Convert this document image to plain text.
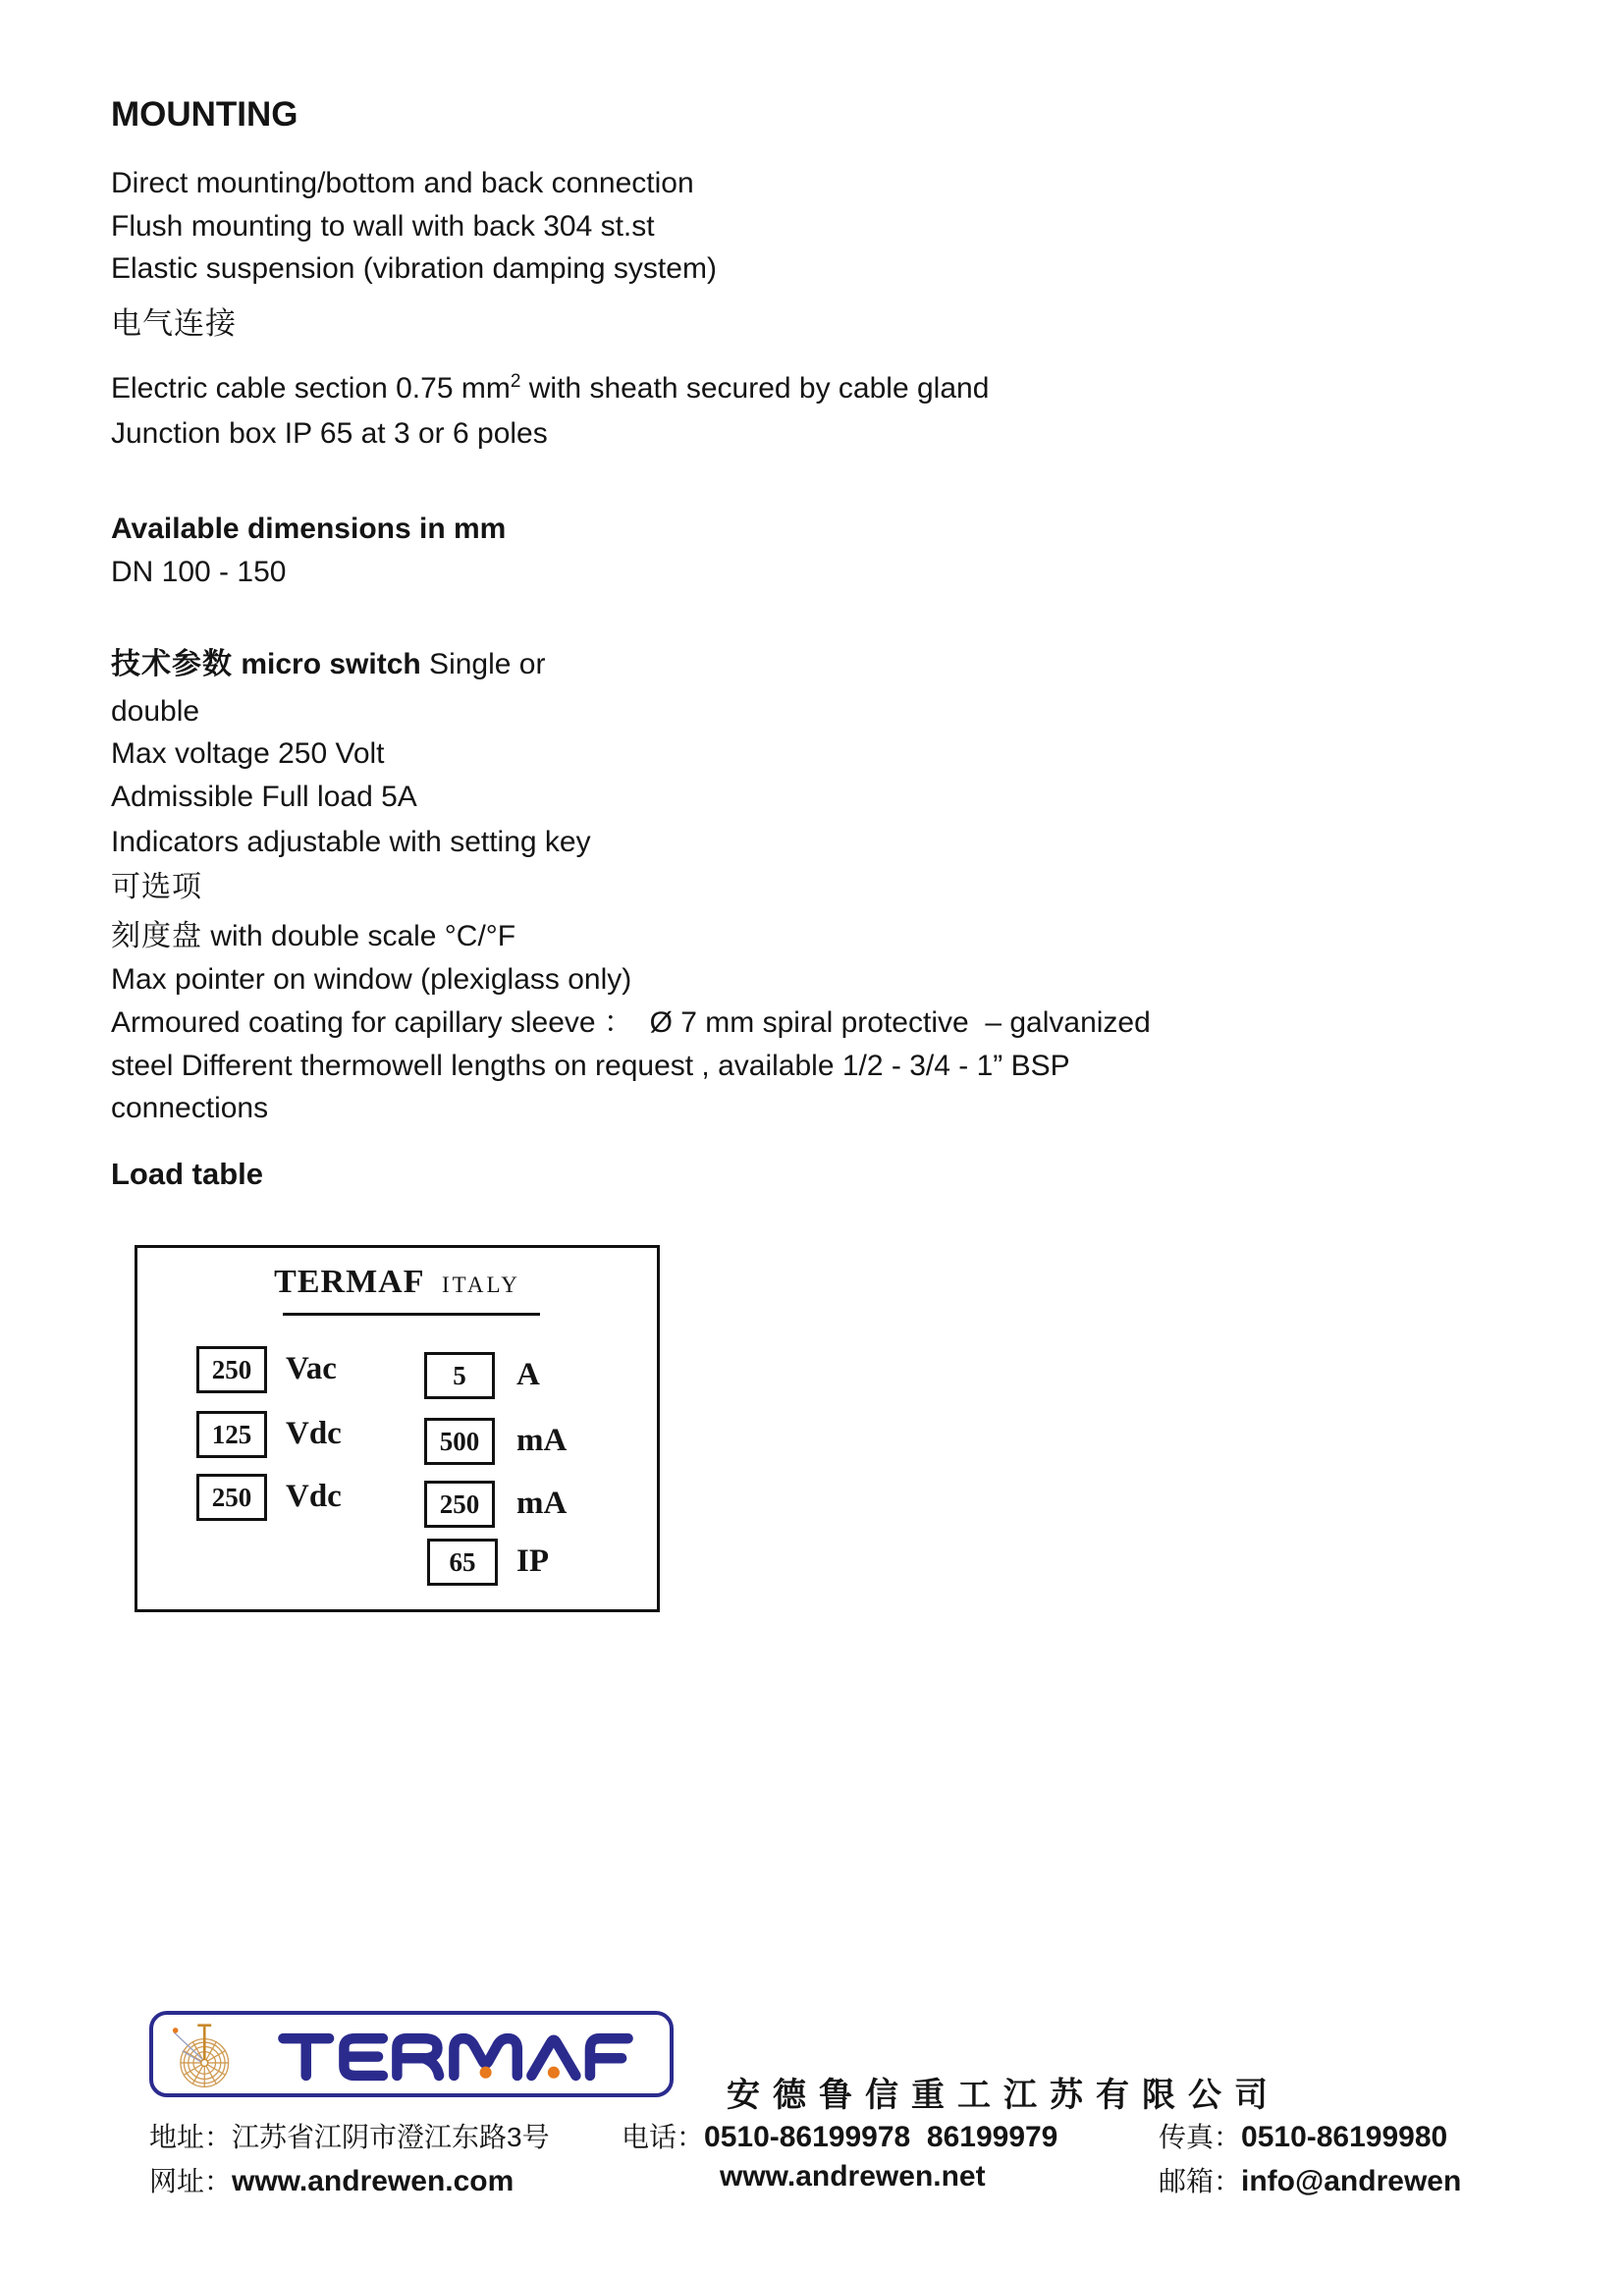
MOUNTING
Direct mounting/bottom and back connection
Flush mounting to wall with back 304 st.st
Elastic suspension (vibration damping system)
电气连接
Electric cable section 0.75 $mm^2$ with sheath secured by cable gland
Junction box IP 65 at 3 or 6 poles
Available dimensions in mm
DN 100 - 150
技术参数 micro switch Single or
double
Max voltage 250 Volt
Admissible Full load 5A
Indicators adjustable with setting key
可选项
刻度盘 with double scale °C/°F
Max pointer on window (plexiglass only)
Armoured coating for capillary sleeve ：  Ø 7 mm spiral protective  – galvanized
steel Different thermowell lengths on request , available 1/2 - 3/4 - 1” BSP
connections
Load table
TERMAF ITALY
250	Vac
125	Vdc
250	Vdc
5	A
500	mA
250	mA
65	IP
安德鲁信重工江苏有限公司
地址：江苏省江阴市澄江东路3号	电话：0510-86199978  86199979	传真：0510-86199980
网址：www.andrewen.com	www.andrewen.net	邮箱：info@andrewen
